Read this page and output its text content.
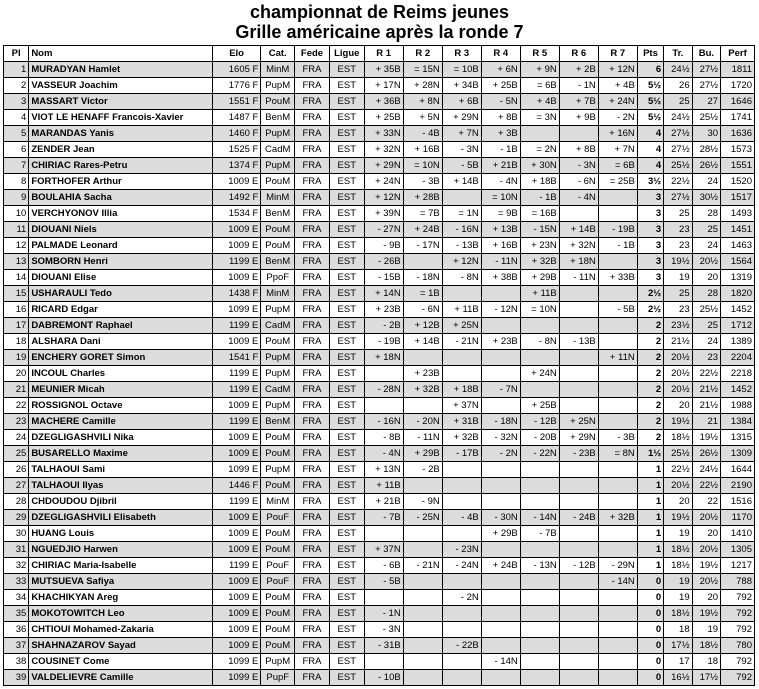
championnat de Reims jeunes
Grille américaine après la ronde 7
Pl	Nom	Elo	Cat.	Fede	Ligue	R 1	R 2	R 3	R 4	R 5	R 6	R 7	Pts	Tr.	Bu.	Perf
1	MURADYAN Hamlet	1605 F	MinM	FRA	EST	+ 35B	= 15N	= 10B	+ 6N	+ 9N	+ 2B	+ 12N	6	24½	27½	1811
2	VASSEUR Joachim	1776 F	PupM	FRA	EST	+ 17N	+ 28N	+ 34B	+ 25B	= 6B	- 1N	+ 4B	5½	26	27½	1720
3	MASSART Victor	1551 F	PouM	FRA	EST	+ 36B	+ 8N	+ 6B	- 5N	+ 4B	+ 7B	+ 24N	5½	25	27	1646
4	VIOT LE HENAFF Francois-Xavier	1487 F	BenM	FRA	EST	+ 25B	+ 5N	+ 29N	+ 8B	= 3N	+ 9B	- 2N	5½	24½	25½	1741
5	MARANDAS Yanis	1460 F	PupM	FRA	EST	+ 33N	- 4B	+ 7N	+ 3B			+ 16N	4	27½	30	1636
6	ZENDER Jean	1525 F	CadM	FRA	EST	+ 32N	+ 16B	- 3N	- 1B	= 2N	+ 8B	+ 7N	4	27½	28½	1573
7	CHIRIAC Rares-Petru	1374 F	PupM	FRA	EST	+ 29N	= 10N	- 5B	+ 21B	+ 30N	- 3N	= 6B	4	25½	26½	1551
8	FORTHOFER Arthur	1009 E	PouM	FRA	EST	+ 24N	- 3B	+ 14B	- 4N	+ 18B	- 6N	= 25B	3½	22½	24	1520
9	BOULAHIA Sacha	1492 F	MinM	FRA	EST	+ 12N	+ 28B		= 10N	- 1B	- 4N		3	27½	30½	1517
10	VERCHYONOV Illia	1534 F	BenM	FRA	EST	+ 39N	= 7B	= 1N	= 9B	= 16B			3	25	28	1493
11	DIOUANI Niels	1009 E	PouM	FRA	EST	- 27N	+ 24B	- 16N	+ 13B	- 15N	+ 14B	- 19B	3	23	25	1451
12	PALMADE Leonard	1009 E	PouM	FRA	EST	- 9B	- 17N	- 13B	+ 16B	+ 23N	+ 32N	- 1B	3	23	24	1463
13	SOMBORN Henri	1199 E	BenM	FRA	EST	- 26B		+ 12N	- 11N	+ 32B	+ 18N		3	19½	20½	1564
14	DIOUANI Elise	1009 E	PpoF	FRA	EST	- 15B	- 18N	- 8N	+ 38B	+ 29B	- 11N	+ 33B	3	19	20	1319
15	USHARAULI Tedo	1438 F	MinM	FRA	EST	+ 14N	= 1B			+ 11B			2½	25	28	1820
16	RICARD Edgar	1099 E	PupM	FRA	EST	+ 23B	- 6N	+ 11B	- 12N	= 10N		- 5B	2½	23	25½	1452
17	DABREMONT Raphael	1199 E	CadM	FRA	EST	- 2B	+ 12B	+ 25N					2	23½	25	1712
18	ALSHARA Dani	1009 E	PouM	FRA	EST	- 19B	+ 14B	- 21N	+ 23B	- 8N	- 13B		2	21½	24	1389
19	ENCHERY GORET Simon	1541 F	PupM	FRA	EST	+ 18N						+ 11N	2	20½	23	2204
20	INCOUL Charles	1199 E	PupM	FRA	EST		+ 23B			+ 24N			2	20½	22½	2218
21	MEUNIER Micah	1199 E	CadM	FRA	EST	- 28N	+ 32B	+ 18B	- 7N				2	20½	21½	1452
22	ROSSIGNOL Octave	1009 E	PupM	FRA	EST			+ 37N		+ 25B			2	20	21½	1988
23	MACHERE Camille	1199 E	BenM	FRA	EST	- 16N	- 20N	+ 31B	- 18N	- 12B	+ 25N		2	19½	21	1384
24	DZEGLIGASHVILI Nika	1009 E	PouM	FRA	EST	- 8B	- 11N	+ 32B	- 32N	- 20B	+ 29N	- 3B	2	18½	19½	1315
25	BUSARELLO Maxime	1009 E	PouM	FRA	EST	- 4N	+ 29B	- 17B	- 2N	- 22N	- 23B	= 8N	1½	25½	26½	1309
26	TALHAOUI Sami	1099 E	PupM	FRA	EST	+ 13N	- 2B						1	22½	24½	1644
27	TALHAOUI Ilyas	1446 F	PouM	FRA	EST	+ 11B							1	20½	22½	2190
28	CHDOUDOU Djibril	1199 E	MinM	FRA	EST	+ 21B	- 9N						1	20	22	1516
29	DZEGLIGASHVILI Elisabeth	1009 E	PouF	FRA	EST	- 7B	- 25N	- 4B	- 30N	- 14N	- 24B	+ 32B	1	19½	20½	1170
30	HUANG Louis	1009 E	PouM	FRA	EST				+ 29B	- 7B			1	19	20	1410
31	NGUEDJIO Harwen	1009 E	PouM	FRA	EST	+ 37N		- 23N					1	18½	20½	1305
32	CHIRIAC Maria-Isabelle	1199 E	PouF	FRA	EST	- 6B	- 21N	- 24N	+ 24B	- 13N	- 12B	- 29N	1	18½	19½	1217
33	MUTSUEVA Safiya	1009 E	PouF	FRA	EST	- 5B						- 14N	0	19	20½	788
34	KHACHIKYAN Areg	1009 E	PouM	FRA	EST			- 2N					0	19	20	792
35	MOKOTOWITCH Leo	1009 E	PouM	FRA	EST	- 1N							0	18½	19½	792
36	CHTIOUI Mohamed-Zakaria	1009 E	PouM	FRA	EST	- 3N							0	18	19	792
37	SHAHNAZAROV Sayad	1009 E	PouM	FRA	EST	- 31B		- 22B					0	17½	18½	780
38	COUSINET Come	1099 E	PupM	FRA	EST				- 14N				0	17	18	792
39	VALDELIEVRE Camille	1099 E	PupF	FRA	EST	- 10B							0	16½	17½	792
